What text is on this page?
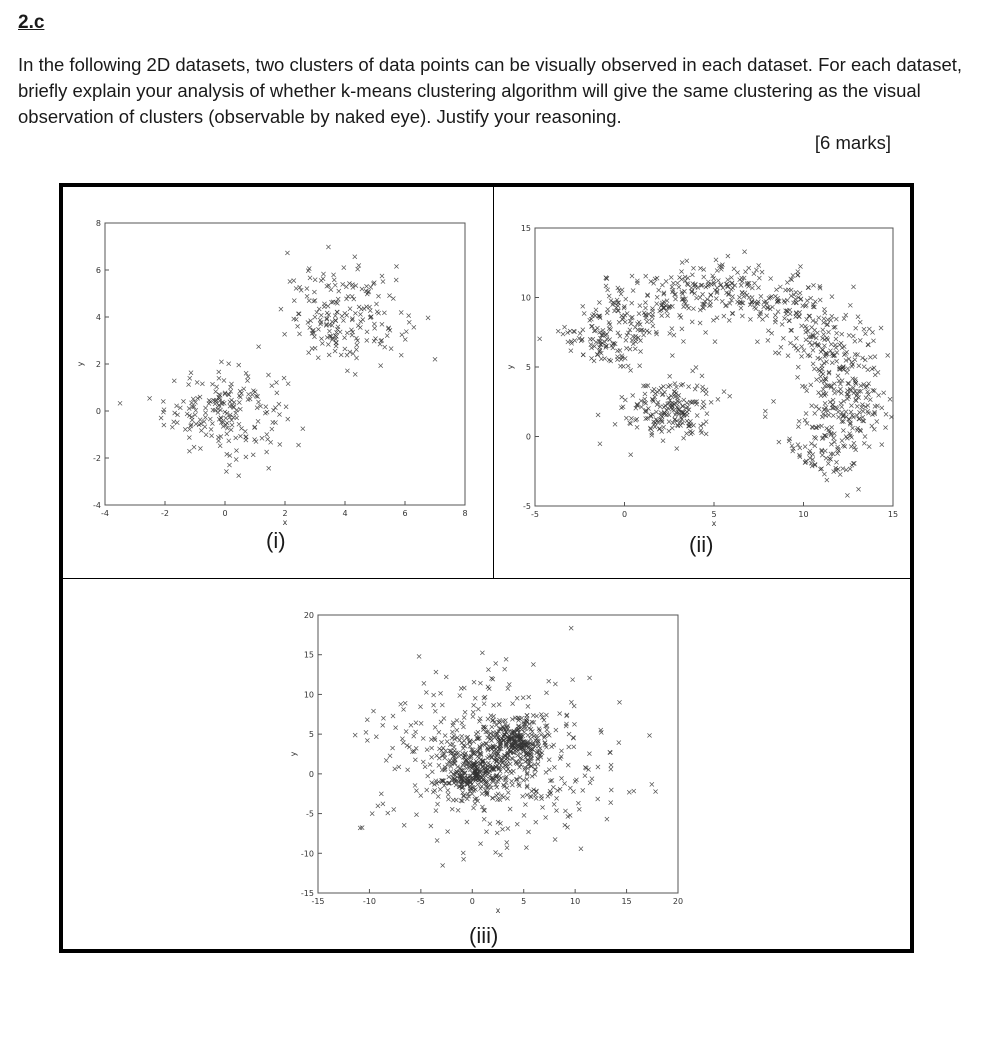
2.c
In the following 2D datasets, two clusters of data points can be visually observed in each dataset. For each dataset, briefly explain your analysis of whether k-means clustering algorithm will give the same clustering as the visual observation of clusters (observable by naked eye). Justify your reasoning.
[6 marks]
-4	-2	0	2	4	6	8
-4
-2
0
2
4
6
8
x
y
-5	0	5	10	15
-5
0
5
10
15
x
y
-15	-10	-5	0	5	10	15	20
-15
-10
-5
0
5
10
15
20
x
y
(i)	(ii)
(iii)
